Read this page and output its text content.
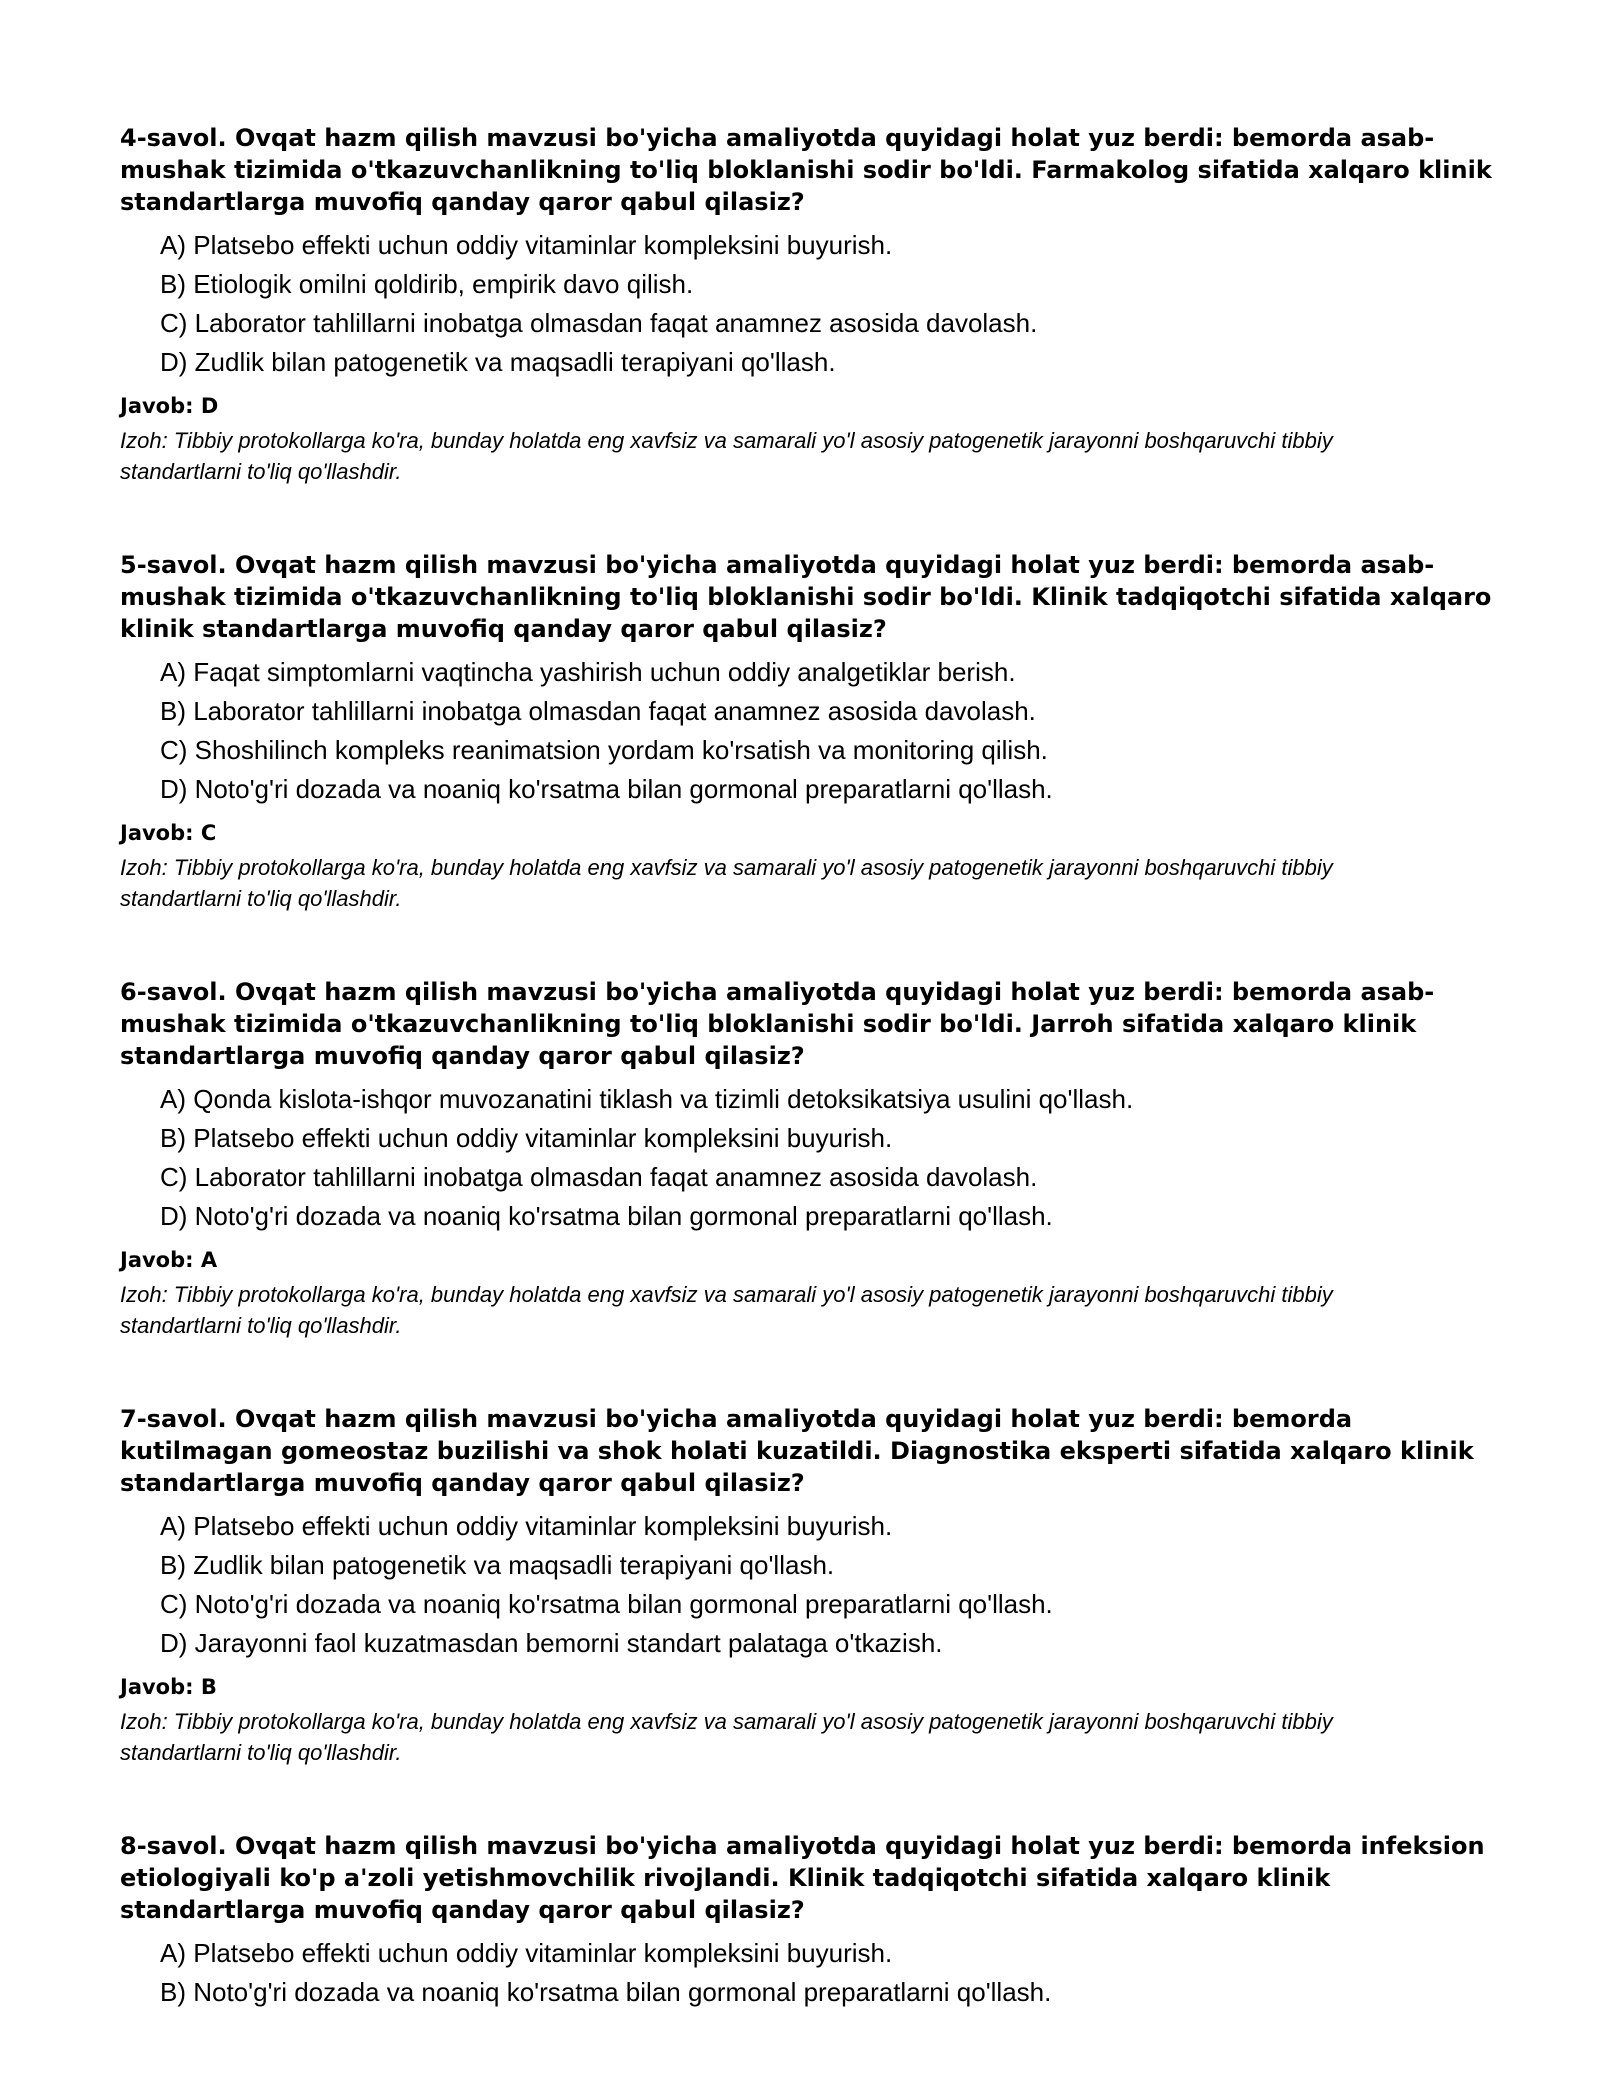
4-savol. Ovqat hazm qilish mavzusi bo'yicha amaliyotda quyidagi holat yuz berdi: bemorda asab-mushak tizimida o'tkazuvchanlikning to'liq bloklanishi sodir bo'ldi. Farmakolog sifatida xalqaro klinik standartlarga muvofiq qanday qaror qabul qilasiz?

A) Platsebo effekti uchun oddiy vitaminlar kompleksini buyurish.
B) Etiologik omilni qoldirib, empirik davo qilish.
C) Laborator tahlillarni inobatga olmasdan faqat anamnez asosida davolash.
D) Zudlik bilan patogenetik va maqsadli terapiyani qo'llash.
Javob: D

Izoh: Tibbiy protokollarga ko'ra, bunday holatda eng xavfsiz va samarali yo'l asosiy patogenetik jarayonni boshqaruvchi tibbiy standartlarni to'liq qo'llashdir.

5-savol. Ovqat hazm qilish mavzusi bo'yicha amaliyotda quyidagi holat yuz berdi: bemorda asab-mushak tizimida o'tkazuvchanlikning to'liq bloklanishi sodir bo'ldi. Klinik tadqiqotchi sifatida xalqaro klinik standartlarga muvofiq qanday qaror qabul qilasiz?

A) Faqat simptomlarni vaqtincha yashirish uchun oddiy analgetiklar berish.
B) Laborator tahlillarni inobatga olmasdan faqat anamnez asosida davolash.
C) Shoshilinch kompleks reanimatsion yordam ko'rsatish va monitoring qilish.
D) Noto'g'ri dozada va noaniq ko'rsatma bilan gormonal preparatlarni qo'llash.
Javob: C

Izoh: Tibbiy protokollarga ko'ra, bunday holatda eng xavfsiz va samarali yo'l asosiy patogenetik jarayonni boshqaruvchi tibbiy standartlarni to'liq qo'llashdir.

6-savol. Ovqat hazm qilish mavzusi bo'yicha amaliyotda quyidagi holat yuz berdi: bemorda asab-mushak tizimida o'tkazuvchanlikning to'liq bloklanishi sodir bo'ldi. Jarroh sifatida xalqaro klinik standartlarga muvofiq qanday qaror qabul qilasiz?

A) Qonda kislota-ishqor muvozanatini tiklash va tizimli detoksikatsiya usulini qo'llash.
B) Platsebo effekti uchun oddiy vitaminlar kompleksini buyurish.
C) Laborator tahlillarni inobatga olmasdan faqat anamnez asosida davolash.
D) Noto'g'ri dozada va noaniq ko'rsatma bilan gormonal preparatlarni qo'llash.
Javob: A

Izoh: Tibbiy protokollarga ko'ra, bunday holatda eng xavfsiz va samarali yo'l asosiy patogenetik jarayonni boshqaruvchi tibbiy standartlarni to'liq qo'llashdir.

7-savol. Ovqat hazm qilish mavzusi bo'yicha amaliyotda quyidagi holat yuz berdi: bemorda kutilmagan gomeostaz buzilishi va shok holati kuzatildi. Diagnostika eksperti sifatida xalqaro klinik standartlarga muvofiq qanday qaror qabul qilasiz?

A) Platsebo effekti uchun oddiy vitaminlar kompleksini buyurish.
B) Zudlik bilan patogenetik va maqsadli terapiyani qo'llash.
C) Noto'g'ri dozada va noaniq ko'rsatma bilan gormonal preparatlarni qo'llash.
D) Jarayonni faol kuzatmasdan bemorni standart palataga o'tkazish.
Javob: B

Izoh: Tibbiy protokollarga ko'ra, bunday holatda eng xavfsiz va samarali yo'l asosiy patogenetik jarayonni boshqaruvchi tibbiy standartlarni to'liq qo'llashdir.

8-savol. Ovqat hazm qilish mavzusi bo'yicha amaliyotda quyidagi holat yuz berdi: bemorda infeksion etiologiyali ko'p a'zoli yetishmovchilik rivojlandi. Klinik tadqiqotchi sifatida xalqaro klinik standartlarga muvofiq qanday qaror qabul qilasiz?

A) Platsebo effekti uchun oddiy vitaminlar kompleksini buyurish.
B) Noto'g'ri dozada va noaniq ko'rsatma bilan gormonal preparatlarni qo'llash.
